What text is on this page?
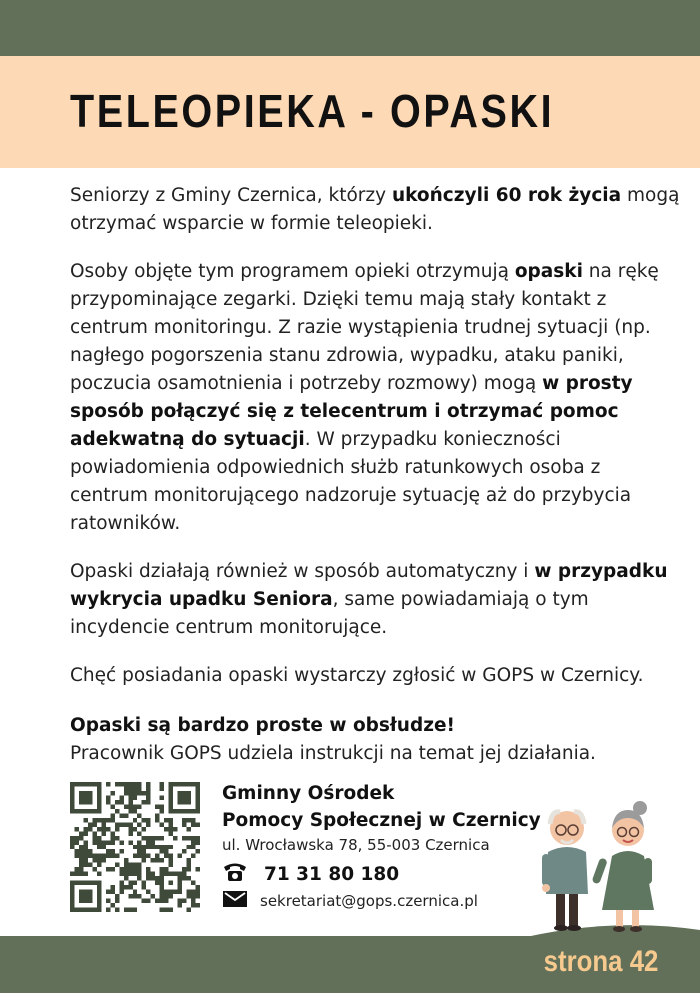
TELEOPIEKA - OPASKI
Seniorzy z Gminy Czernica, którzy ukończyli 60 rok życia mogą otrzymać wsparcie w formie teleopieki.
Osoby objęte tym programem opieki otrzymują opaski na rękę przypominające zegarki. Dzięki temu mają stały kontakt z centrum monitoringu. Z razie wystąpienia trudnej sytuacji (np. nagłego pogorszenia stanu zdrowia, wypadku, ataku paniki, poczucia osamotnienia i potrzeby rozmowy) mogą w prosty sposób połączyć się z telecentrum i otrzymać pomoc adekwatną do sytuacji. W przypadku konieczności powiadomienia odpowiednich służb ratunkowych osoba z centrum monitorującego nadzoruje sytuację aż do przybycia ratowników.
Opaski działają również w sposób automatyczny i w przypadku wykrycia upadku Seniora, same powiadamiają o tym incydencie centrum monitorujące.
Chęć posiadania opaski wystarczy zgłosić w GOPS w Czernicy.
Opaski są bardzo proste w obsłudze!
Pracownik GOPS udziela instrukcji na temat jej działania.
Gminny Ośrodek
Pomocy Społecznej w Czernicy
ul. Wrocławska 78, 55-003 Czernica
71 31 80 180
sekretariat@gops.czernica.pl
strona 42
